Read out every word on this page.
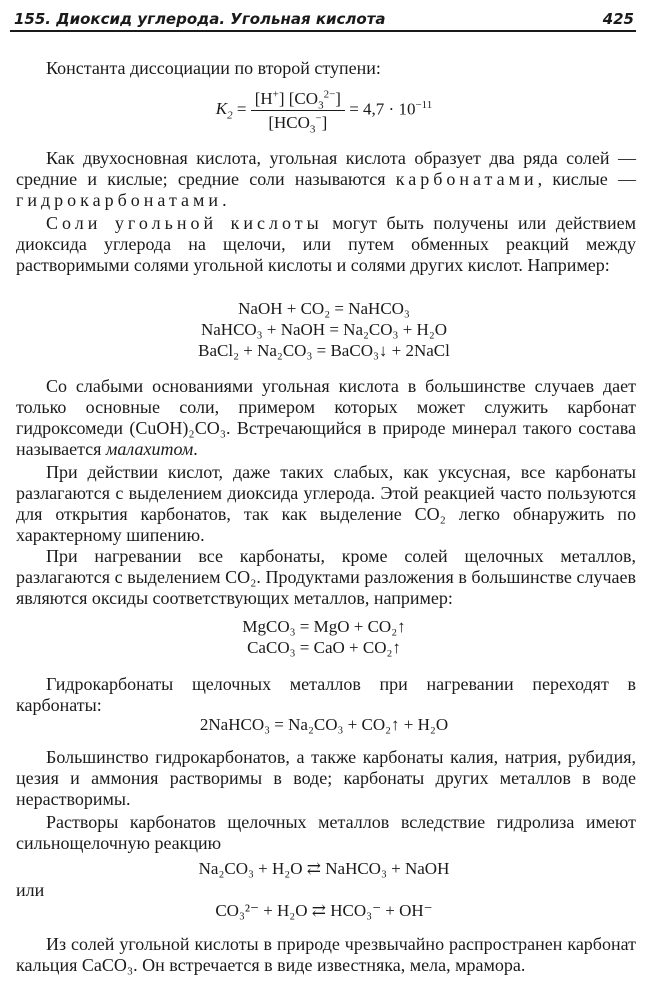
155. Диоксид углерода. Угольная кислота	425
Константа диссоциации по второй ступени:
$K_2 = \frac{[H^+] [CO_3^{2-}]}{[HCO_3^-]} = 4,7 \cdot 10^{-11}$
Как двухосновная кислота, угольная кислота образует два ряда солей — средние и кислые; средние соли называются карбонатами, кислые — гидрокарбонатами.
Соли угольной кислоты могут быть получены или действием диоксида углерода на щелочи, или путем обменных реакций между растворимыми солями угольной кислоты и солями других кислот. Например:
NaOH + CO₂ = NaHCO₃
NaHCO₃ + NaOH = Na₂CO₃ + H₂O
BaCl₂ + Na₂CO₃ = BaCO₃↓ + 2NaCl
Со слабыми основаниями угольная кислота в большинстве случаев дает только основные соли, примером которых может служить карбонат гидроксомеди (CuOH)₂CO₃. Встречающийся в природе минерал такого состава называется малахитом.
При действии кислот, даже таких слабых, как уксусная, все карбонаты разлагаются с выделением диоксида углерода. Этой реакцией часто пользуются для открытия карбонатов, так как выделение CO₂ легко обнаружить по характерному шипению.
При нагревании все карбонаты, кроме солей щелочных металлов, разлагаются с выделением CO₂. Продуктами разложения в большинстве случаев являются оксиды соответствующих металлов, например:
MgCO₃ = MgO + CO₂↑
CaCO₃ = CaO + CO₂↑
Гидрокарбонаты щелочных металлов при нагревании переходят в карбонаты:
2NaHCO₃ = Na₂CO₃ + CO₂↑ + H₂O
Большинство гидрокарбонатов, а также карбонаты калия, натрия, рубидия, цезия и аммония растворимы в воде; карбонаты других металлов в воде нерастворимы.
Растворы карбонатов щелочных металлов вследствие гидролиза имеют сильнощелочную реакцию
Na₂CO₃ + H₂O ⇄ NaHCO₃ + NaOH
или
CO₃²⁻ + H₂O ⇄ HCO₃⁻ + OH⁻
Из солей угольной кислоты в природе чрезвычайно распространен карбонат кальция CaCO₃. Он встречается в виде известняка, мела, мрамора.
